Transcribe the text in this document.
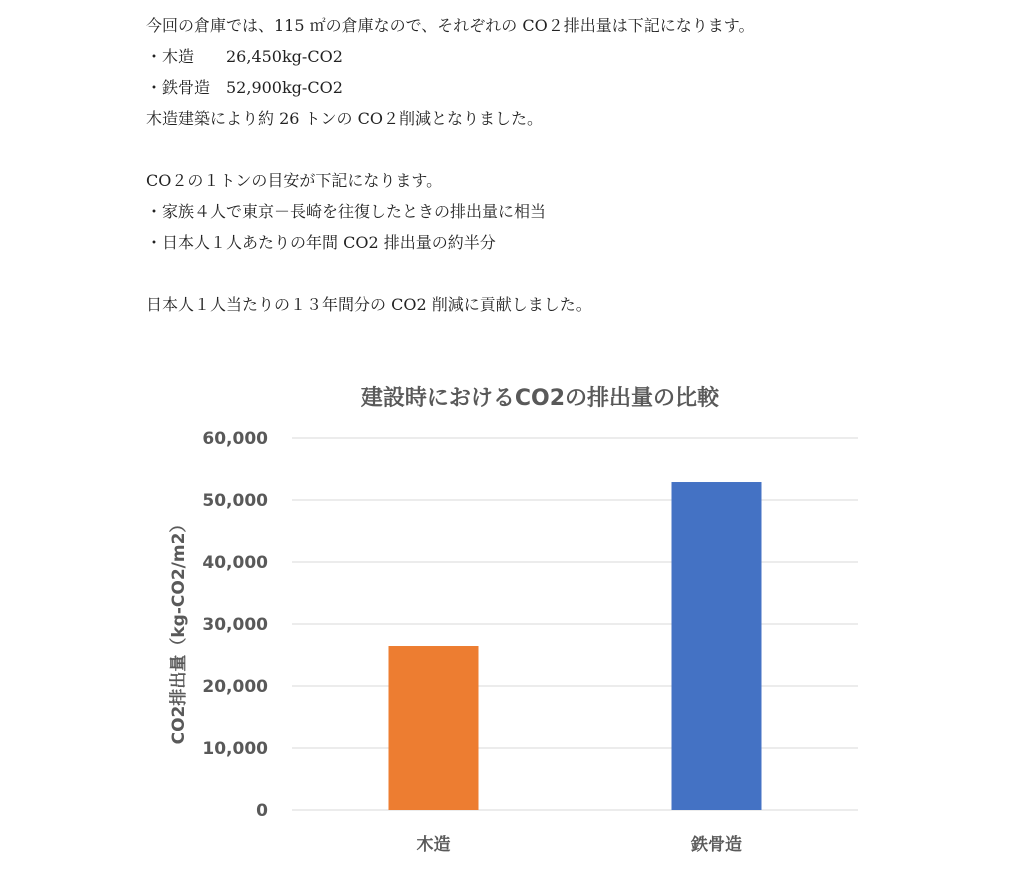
今回の倉庫では、115 ㎡の倉庫なので、それぞれの CO２排出量は下記になります。
・木造　　26,450kg-CO2
・鉄骨造　52,900kg-CO2
木造建築により約 26 トンの CO２削減となりました。
CO２の１トンの目安が下記になります。
・家族４人で東京－長崎を往復したときの排出量に相当
・日本人１人あたりの年間 CO2 排出量の約半分
日本人１人当たりの１３年間分の CO2 削減に貢献しました。
建設時におけるCO2の排出量の比較
0
10,000
20,000
30,000
40,000
50,000
60,000
木造	鉄骨造
CO2排出量（kg-CO2/m2）
